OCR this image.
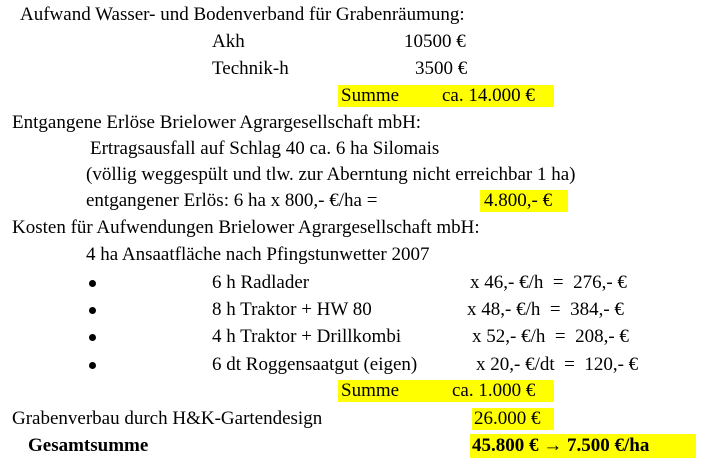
Aufwand Wasser- und Bodenverband für Grabenräumung:
Akh	10500 €
Technik-h	3500 €
Summe ca. 14.000 €
Entgangene Erlöse Brielower Agrargesellschaft mbH:
Ertragsausfall auf Schlag 40 ca. 6 ha Silomais
(völlig weggespült und tlw. zur Aberntung nicht erreichbar 1 ha)
entgangener Erlös: 6 ha x 800,- €/ha =	4.800,- €
Kosten für Aufwendungen Brielower Agrargesellschaft mbH:
4 ha Ansaatfläche nach Pfingstunwetter 2007
6 h Radlader	x 46,- €/h  =  276,- €
8 h Traktor + HW 80	x 48,- €/h  =  384,- €
4 h Traktor + Drillkombi	x 52,- €/h  =  208,- €
6 dt Roggensaatgut (eigen)	x 20,- €/dt  =  120,- €
Summe	ca. 1.000 €
Grabenverbau durch H&K-Gartendesign	26.000 €
Gesamtsumme	45.800 € → 7.500 €/ha
